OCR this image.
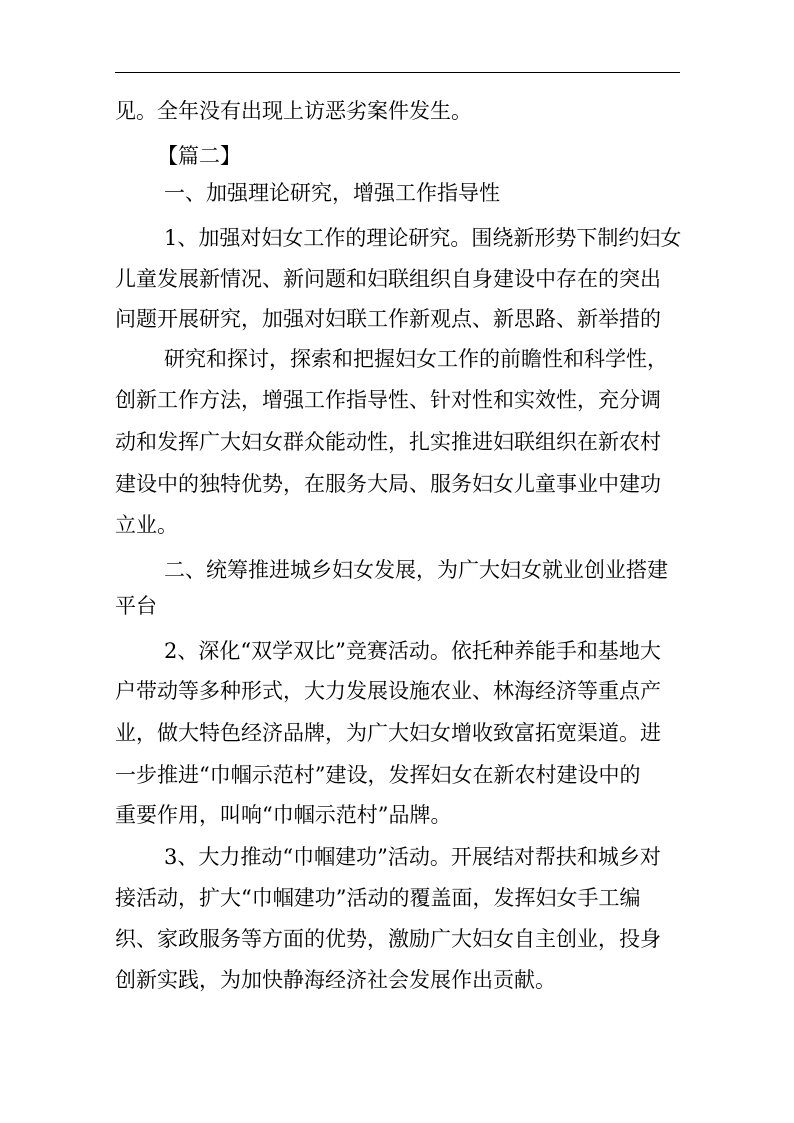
见。全年没有出现上访恶劣案件发生。
【篇二】
一、加强理论研究，增强工作指导性
1、加强对妇女工作的理论研究。围绕新形势下制约妇女
儿童发展新情况、新问题和妇联组织自身建设中存在的突出
问题开展研究，加强对妇联工作新观点、新思路、新举措的
研究和探讨，探索和把握妇女工作的前瞻性和科学性，
创新工作方法，增强工作指导性、针对性和实效性，充分调
动和发挥广大妇女群众能动性，扎实推进妇联组织在新农村
建设中的独特优势，在服务大局、服务妇女儿童事业中建功
立业。
二、统筹推进城乡妇女发展，为广大妇女就业创业搭建
平台
2、深化“双学双比”竞赛活动。依托种养能手和基地大
户带动等多种形式，大力发展设施农业、林海经济等重点产
业，做大特色经济品牌，为广大妇女增收致富拓宽渠道。进
一步推进“巾帼示范村”建设，发挥妇女在新农村建设中的
重要作用，叫响“巾帼示范村”品牌。
3、大力推动“巾帼建功”活动。开展结对帮扶和城乡对
接活动，扩大“巾帼建功”活动的覆盖面，发挥妇女手工编
织、家政服务等方面的优势，激励广大妇女自主创业，投身
创新实践，为加快静海经济社会发展作出贡献。
